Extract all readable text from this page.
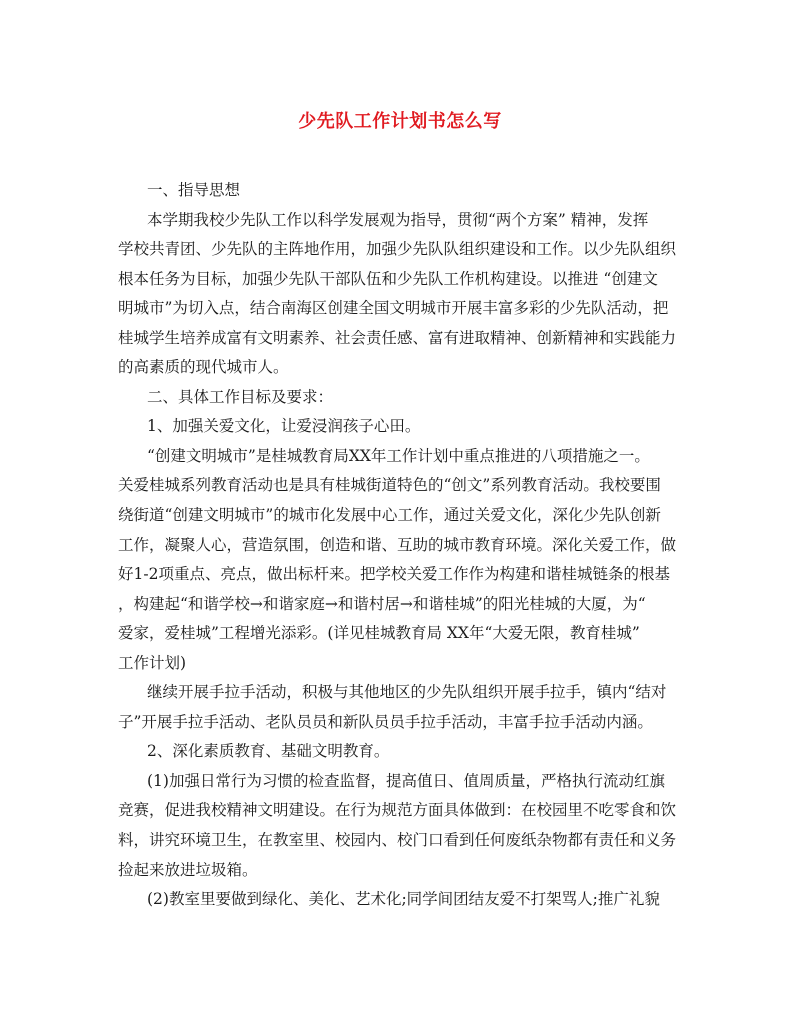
少先队工作计划书怎么写
一、指导思想
本学期我校少先队工作以科学发展观为指导，贯彻“两个方案” 精神，发挥
学校共青团、少先队的主阵地作用，加强少先队队组织建设和工作。以少先队组织
根本任务为目标，加强少先队干部队伍和少先队工作机构建设。以推进 “创建文
明城市”为切入点，结合南海区创建全国文明城市开展丰富多彩的少先队活动，把
桂城学生培养成富有文明素养、社会责任感、富有进取精神、创新精神和实践能力
的高素质的现代城市人。
二、具体工作目标及要求：
1、加强关爱文化，让爱浸润孩子心田。
“创建文明城市”是桂城教育局XX年工作计划中重点推进的八项措施之一。
关爱桂城系列教育活动也是具有桂城街道特色的“创文”系列教育活动。我校要围
绕街道“创建文明城市”的城市化发展中心工作，通过关爱文化，深化少先队创新
工作，凝聚人心，营造氛围，创造和谐、互助的城市教育环境。深化关爱工作，做
好1-2项重点、亮点，做出标杆来。把学校关爱工作作为构建和谐桂城链条的根基
，构建起“和谐学校→和谐家庭→和谐村居→和谐桂城”的阳光桂城的大厦，为“
爱家，爱桂城”工程增光添彩。(详见桂城教育局 XX年“大爱无限，教育桂城”
工作计划)
继续开展手拉手活动，积极与其他地区的少先队组织开展手拉手，镇内“结对
子”开展手拉手活动、老队员员和新队员员手拉手活动，丰富手拉手活动内涵。
2、深化素质教育、基础文明教育。
(1)加强日常行为习惯的检查监督，提高值日、值周质量，严格执行流动红旗
竞赛，促进我校精神文明建设。在行为规范方面具体做到：在校园里不吃零食和饮
料，讲究环境卫生，在教室里、校园内、校门口看到任何废纸杂物都有责任和义务
捡起来放进垃圾箱。
(2)教室里要做到绿化、美化、艺术化;同学间团结友爱不打架骂人;推广礼貌
